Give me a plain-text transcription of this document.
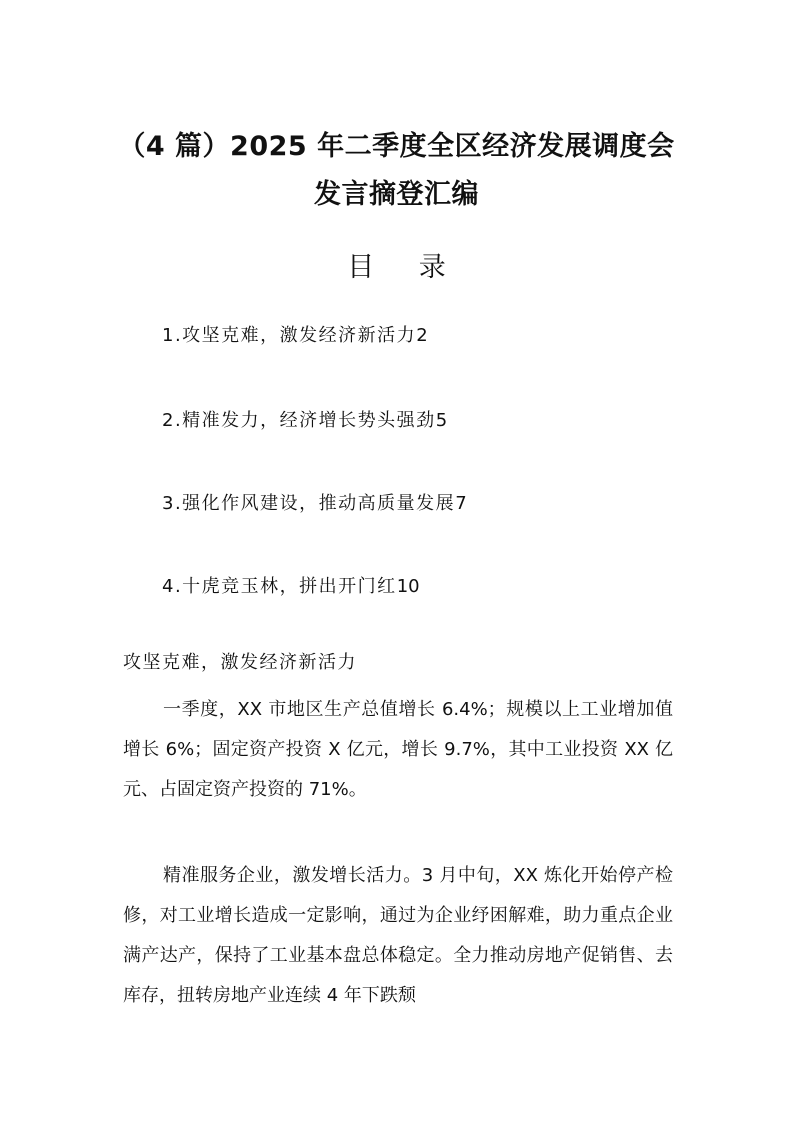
（4 篇）2025 年二季度全区经济发展调度会
发言摘登汇编
目 录
1.攻坚克难，激发经济新活力2
2.精准发力，经济增长势头强劲5
3.强化作风建设，推动高质量发展7
4.十虎竞玉林，拼出开门红10
攻坚克难，激发经济新活力
一季度，XX 市地区生产总值增长 6.4%；规模以上工业增加值增长 6%；固定资产投资 X 亿元，增长 9.7%，其中工业投资 XX 亿元、占固定资产投资的 71%。
精准服务企业，激发增长活力。3 月中旬，XX 炼化开始停产检修，对工业增长造成一定影响，通过为企业纾困解难，助力重点企业满产达产，保持了工业基本盘总体稳定。全力推动房地产促销售、去库存，扭转房地产业连续 4 年下跌颓
